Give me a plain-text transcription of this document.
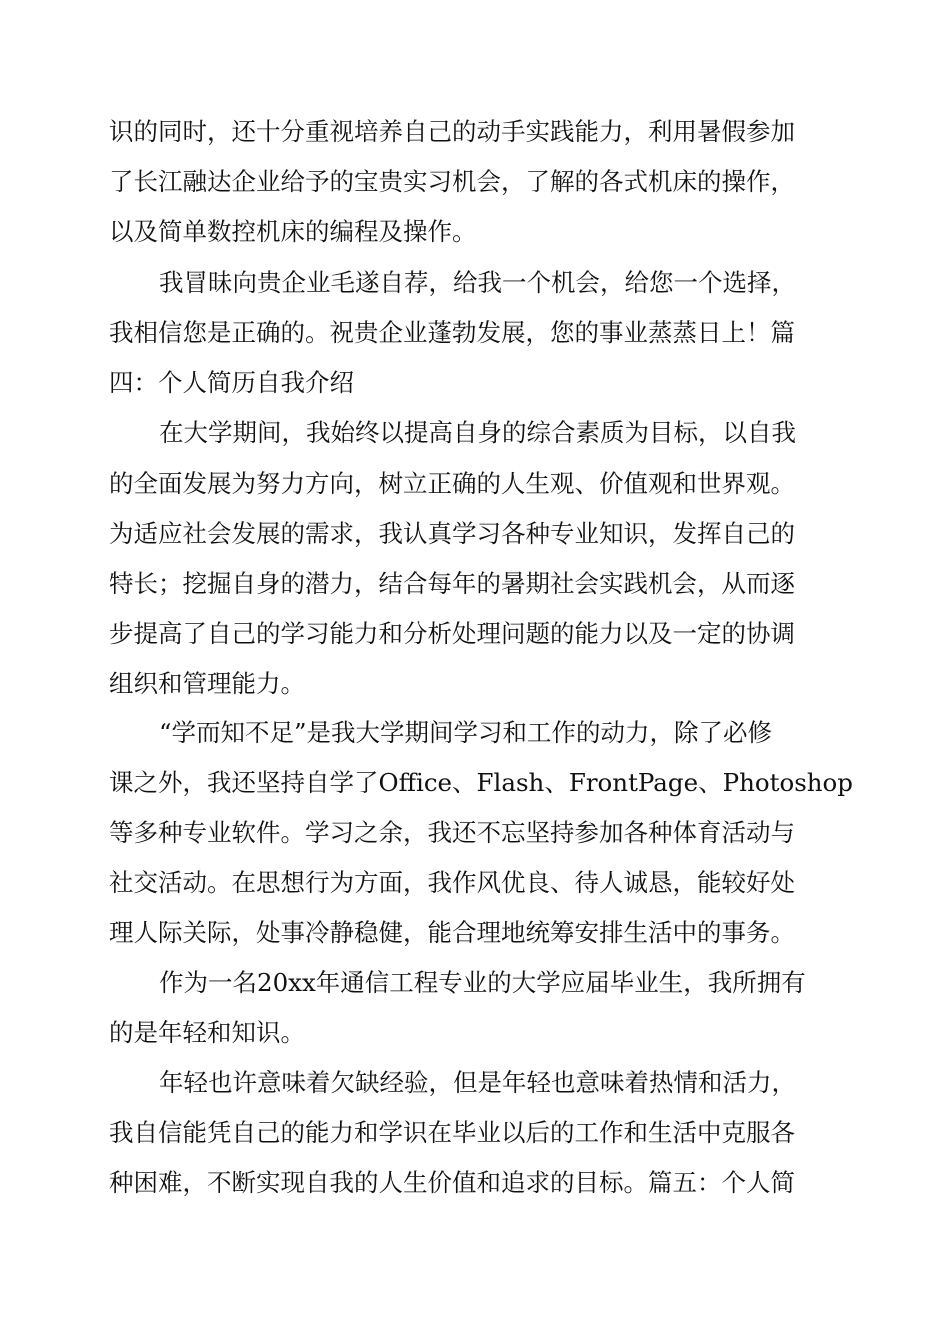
识的同时，还十分重视培养自己的动手实践能力，利用暑假参加
了长江融达企业给予的宝贵实习机会，了解的各式机床的操作，
以及简单数控机床的编程及操作。
我冒昧向贵企业毛遂自荐，给我一个机会，给您一个选择，
我相信您是正确的。祝贵企业蓬勃发展，您的事业蒸蒸日上！篇
四：个人简历自我介绍
在大学期间，我始终以提高自身的综合素质为目标，以自我
的全面发展为努力方向，树立正确的人生观、价值观和世界观。
为适应社会发展的需求，我认真学习各种专业知识，发挥自己的
特长；挖掘自身的潜力，结合每年的暑期社会实践机会，从而逐
步提高了自己的学习能力和分析处理问题的能力以及一定的协调
组织和管理能力。
“学而知不足”是我大学期间学习和工作的动力，除了必修
课之外，我还坚持自学了Office、Flash、FrontPage、Photoshop
等多种专业软件。学习之余，我还不忘坚持参加各种体育活动与
社交活动。在思想行为方面，我作风优良、待人诚恳，能较好处
理人际关际，处事冷静稳健，能合理地统筹安排生活中的事务。
作为一名20xx年通信工程专业的大学应届毕业生，我所拥有
的是年轻和知识。
年轻也许意味着欠缺经验，但是年轻也意味着热情和活力，
我自信能凭自己的能力和学识在毕业以后的工作和生活中克服各
种困难，不断实现自我的人生价值和追求的目标。篇五：个人简
